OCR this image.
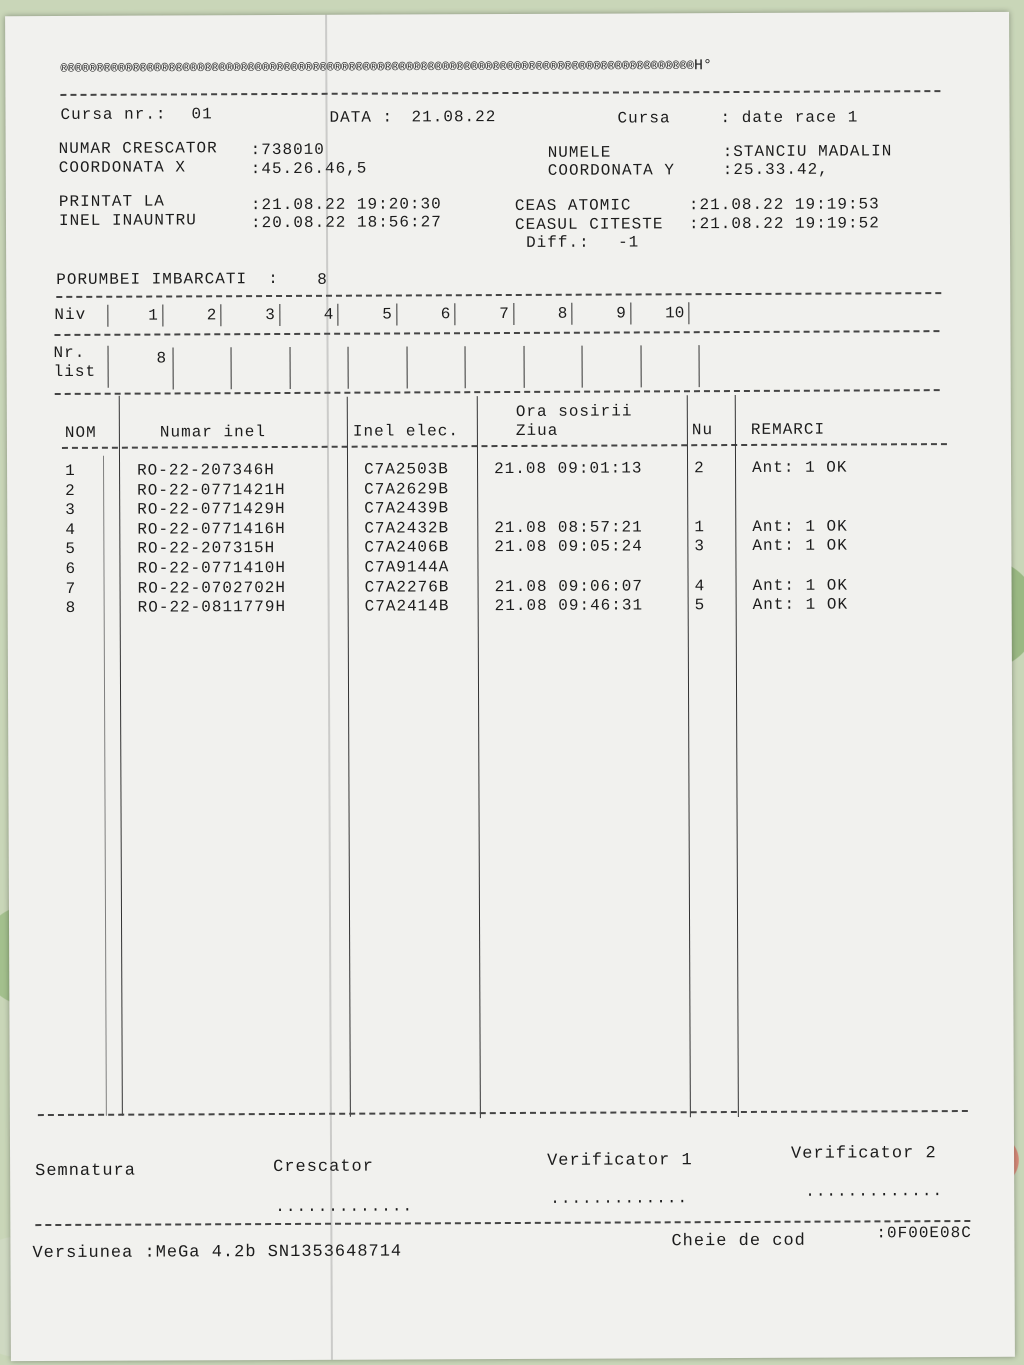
®®®®®®®®®®®®®®®®®®®®®®®®®®®®®®®®®®®®®®®®®®®®®®®®®®®®®®®®®®®®®®®®®®®®®®®®®®®®®®®®®®®®®®®®H°
Cursa nr.: 01	DATA : 21.08.22	Cursa	: date race 1
NUMAR CRESCATOR :738010
COORDONATA X	:45.26.46,5
NUMELE	:STANCIU MADALIN
COORDONATA Y	:25.33.42,
PRINTAT LA	:21.08.22 19:20:30
INEL INAUNTRU	:20.08.22 18:56:27
CEAS ATOMIC	:21.08.22 19:19:53
CEASUL CITESTE :21.08.22 19:19:52
Diff.: -1
PORUMBEI IMBARCATI  : 8
Niv	1	2	3	4	5	6	7	8	9	10
Nr.
list
8
NOM	Numar inel	Inel elec.
Ora sosirii
Ziua	Nu REMARCI
1	RO-22-207346H	C7A2503B	21.08 09:01:13	2	Ant: 1 OK
2	RO-22-0771421H	C7A2629B
3	RO-22-0771429H	C7A2439B
4	RO-22-0771416H	C7A2432B	21.08 08:57:21	1	Ant: 1 OK
5	RO-22-207315H	C7A2406B	21.08 09:05:24	3	Ant: 1 OK
6	RO-22-0771410H	C7A9144A
7	RO-22-0702702H	C7A2276B	21.08 09:06:07	4	Ant: 1 OK
8	RO-22-0811779H	C7A2414B	21.08 09:46:31	5	Ant: 1 OK
Semnatura	Crescator
.............
Verificator 1
.............
Verificator 2
.............
Versiunea :MeGa 4.2b SN1353648714
Cheie de cod	:0F00E08C
